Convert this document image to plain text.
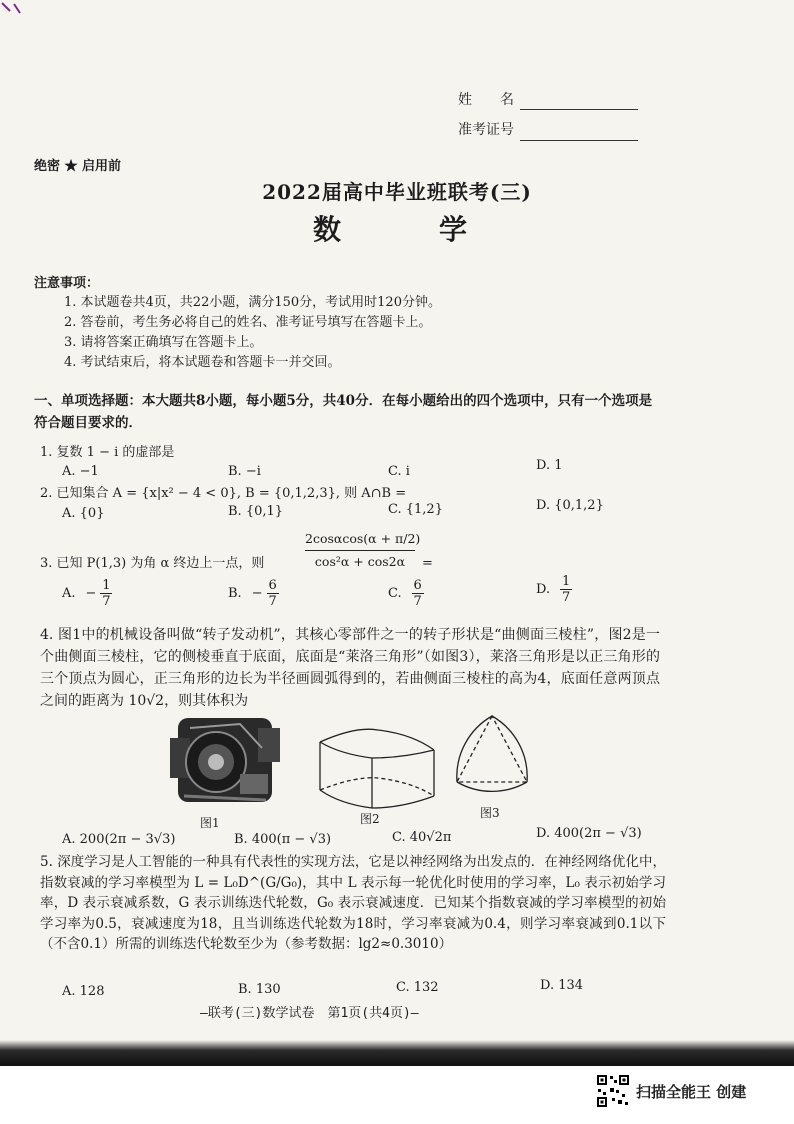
姓　　名
准考证号
绝密 ★ 启用前
2022届高中毕业班联考(三)
数　　学
注意事项：
1. 本试题卷共4页，共22小题，满分150分，考试用时120分钟。
2. 答卷前，考生务必将自己的姓名、准考证号填写在答题卡上。
3. 请将答案正确填写在答题卡上。
4. 考试结束后，将本试题卷和答题卡一并交回。
一、单项选择题：本大题共8小题，每小题5分，共40分．在每小题给出的四个选项中，只有一个选项是符合题目要求的．
1. 复数 1 − i 的虚部是
A. −1	B. −i	C. i	D. 1
2. 已知集合 A = {x|x² − 4 < 0}, B = {0,1,2,3}, 则 A∩B =
A. {0}	B. {0,1}	C. {1,2}	D. {0,1,2}
3. 已知 P(1,3) 为角 α 终边上一点，则
2cosαcos(α + π/2)
cos²α + cos2α	=
A. −
1
7
B. −
6
7
C.
6
7
D.
1
7
4. 图1中的机械设备叫做“转子发动机”，其核心零部件之一的转子形状是“曲侧面三棱柱”，图2是一个曲侧面三棱柱，它的侧棱垂直于底面，底面是“莱洛三角形”（如图3），莱洛三角形是以正三角形的三个顶点为圆心，正三角形的边长为半径画圆弧得到的，若曲侧面三棱柱的高为4，底面任意两顶点之间的距离为 10√2，则其体积为
图1	图2	图3
A. 200(2π − 3√3)	B. 400(π − √3)	C. 40√2π	D. 400(2π − √3)
5. 深度学习是人工智能的一种具有代表性的实现方法，它是以神经网络为出发点的．在神经网络优化中，指数衰减的学习率模型为 L = L₀D^(G/G₀)，其中 L 表示每一轮优化时使用的学习率，L₀ 表示初始学习率，D 表示衰减系数，G 表示训练迭代轮数，G₀ 表示衰减速度．已知某个指数衰减的学习率模型的初始学习率为0.5，衰减速度为18，且当训练迭代轮数为18时，学习率衰减为0.4，则学习率衰减到0.1以下（不含0.1）所需的训练迭代轮数至少为（参考数据：lg2≈0.3010）
A. 128	B. 130	C. 132	D. 134
—联考(三)数学试卷　第1页(共4页)—
扫描全能王 创建
